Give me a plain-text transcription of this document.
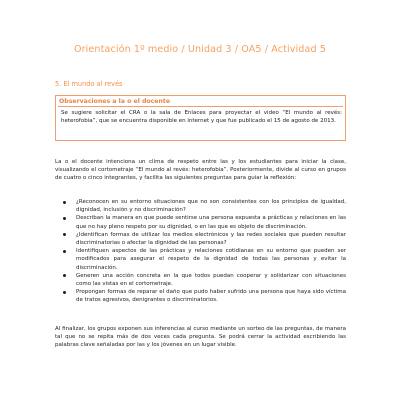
Orientación 1º medio / Unidad 3 / OA5 / Actividad 5
5. El mundo al revés
Observaciones a la o el docente
Se sugiere solicitar el CRA o la sala de Enlaces para proyectar el video “El mundo al revés: heterofobia”, que se encuentra disponible en internet y que fue publicado el 15 de agosto de 2013.
La o el docente intenciona un clima de respeto entre las y los estudiantes para iniciar la clase, visualizando el cortometraje “El mundo al revés: heterofobia”. Posteriormente, divide al curso en grupos de cuatro o cinco integrantes, y facilita las siguientes preguntas para guiar la reflexión:
¿Reconocen en su entorno situaciones que no son consistentes con los principios de igualdad, dignidad, inclusión y no discriminación?
Describan la manera en que puede sentirse una persona expuesta a prácticas y relaciones en las que no hay pleno respeto por su dignidad, o en las que es objeto de discriminación.
¿Identifican formas de utilizar los medios electrónicos y las redes sociales que pueden resultar discriminatorias o afectar la dignidad de las personas?
Identifiquen aspectos de las prácticas y relaciones cotidianas en su entorno que pueden ser modificados para asegurar el respeto de la dignidad de todas las personas y evitar la discriminación.
Generen una acción concreta en la que todos puedan cooperar y solidarizar con situaciones como las vistas en el cortometraje.
Propongan formas de reparar el daño que pudo haber sufrido una persona que haya sido víctima de tratos agresivos, denigrantes o discriminatorios.
Al finalizar, los grupos exponen sus inferencias al curso mediante un sorteo de las preguntas, de manera tal que no se repita más de dos veces cada pregunta. Se podrá cerrar la actividad escribiendo las palabras clave señaladas por las y los jóvenes en un lugar visible.
